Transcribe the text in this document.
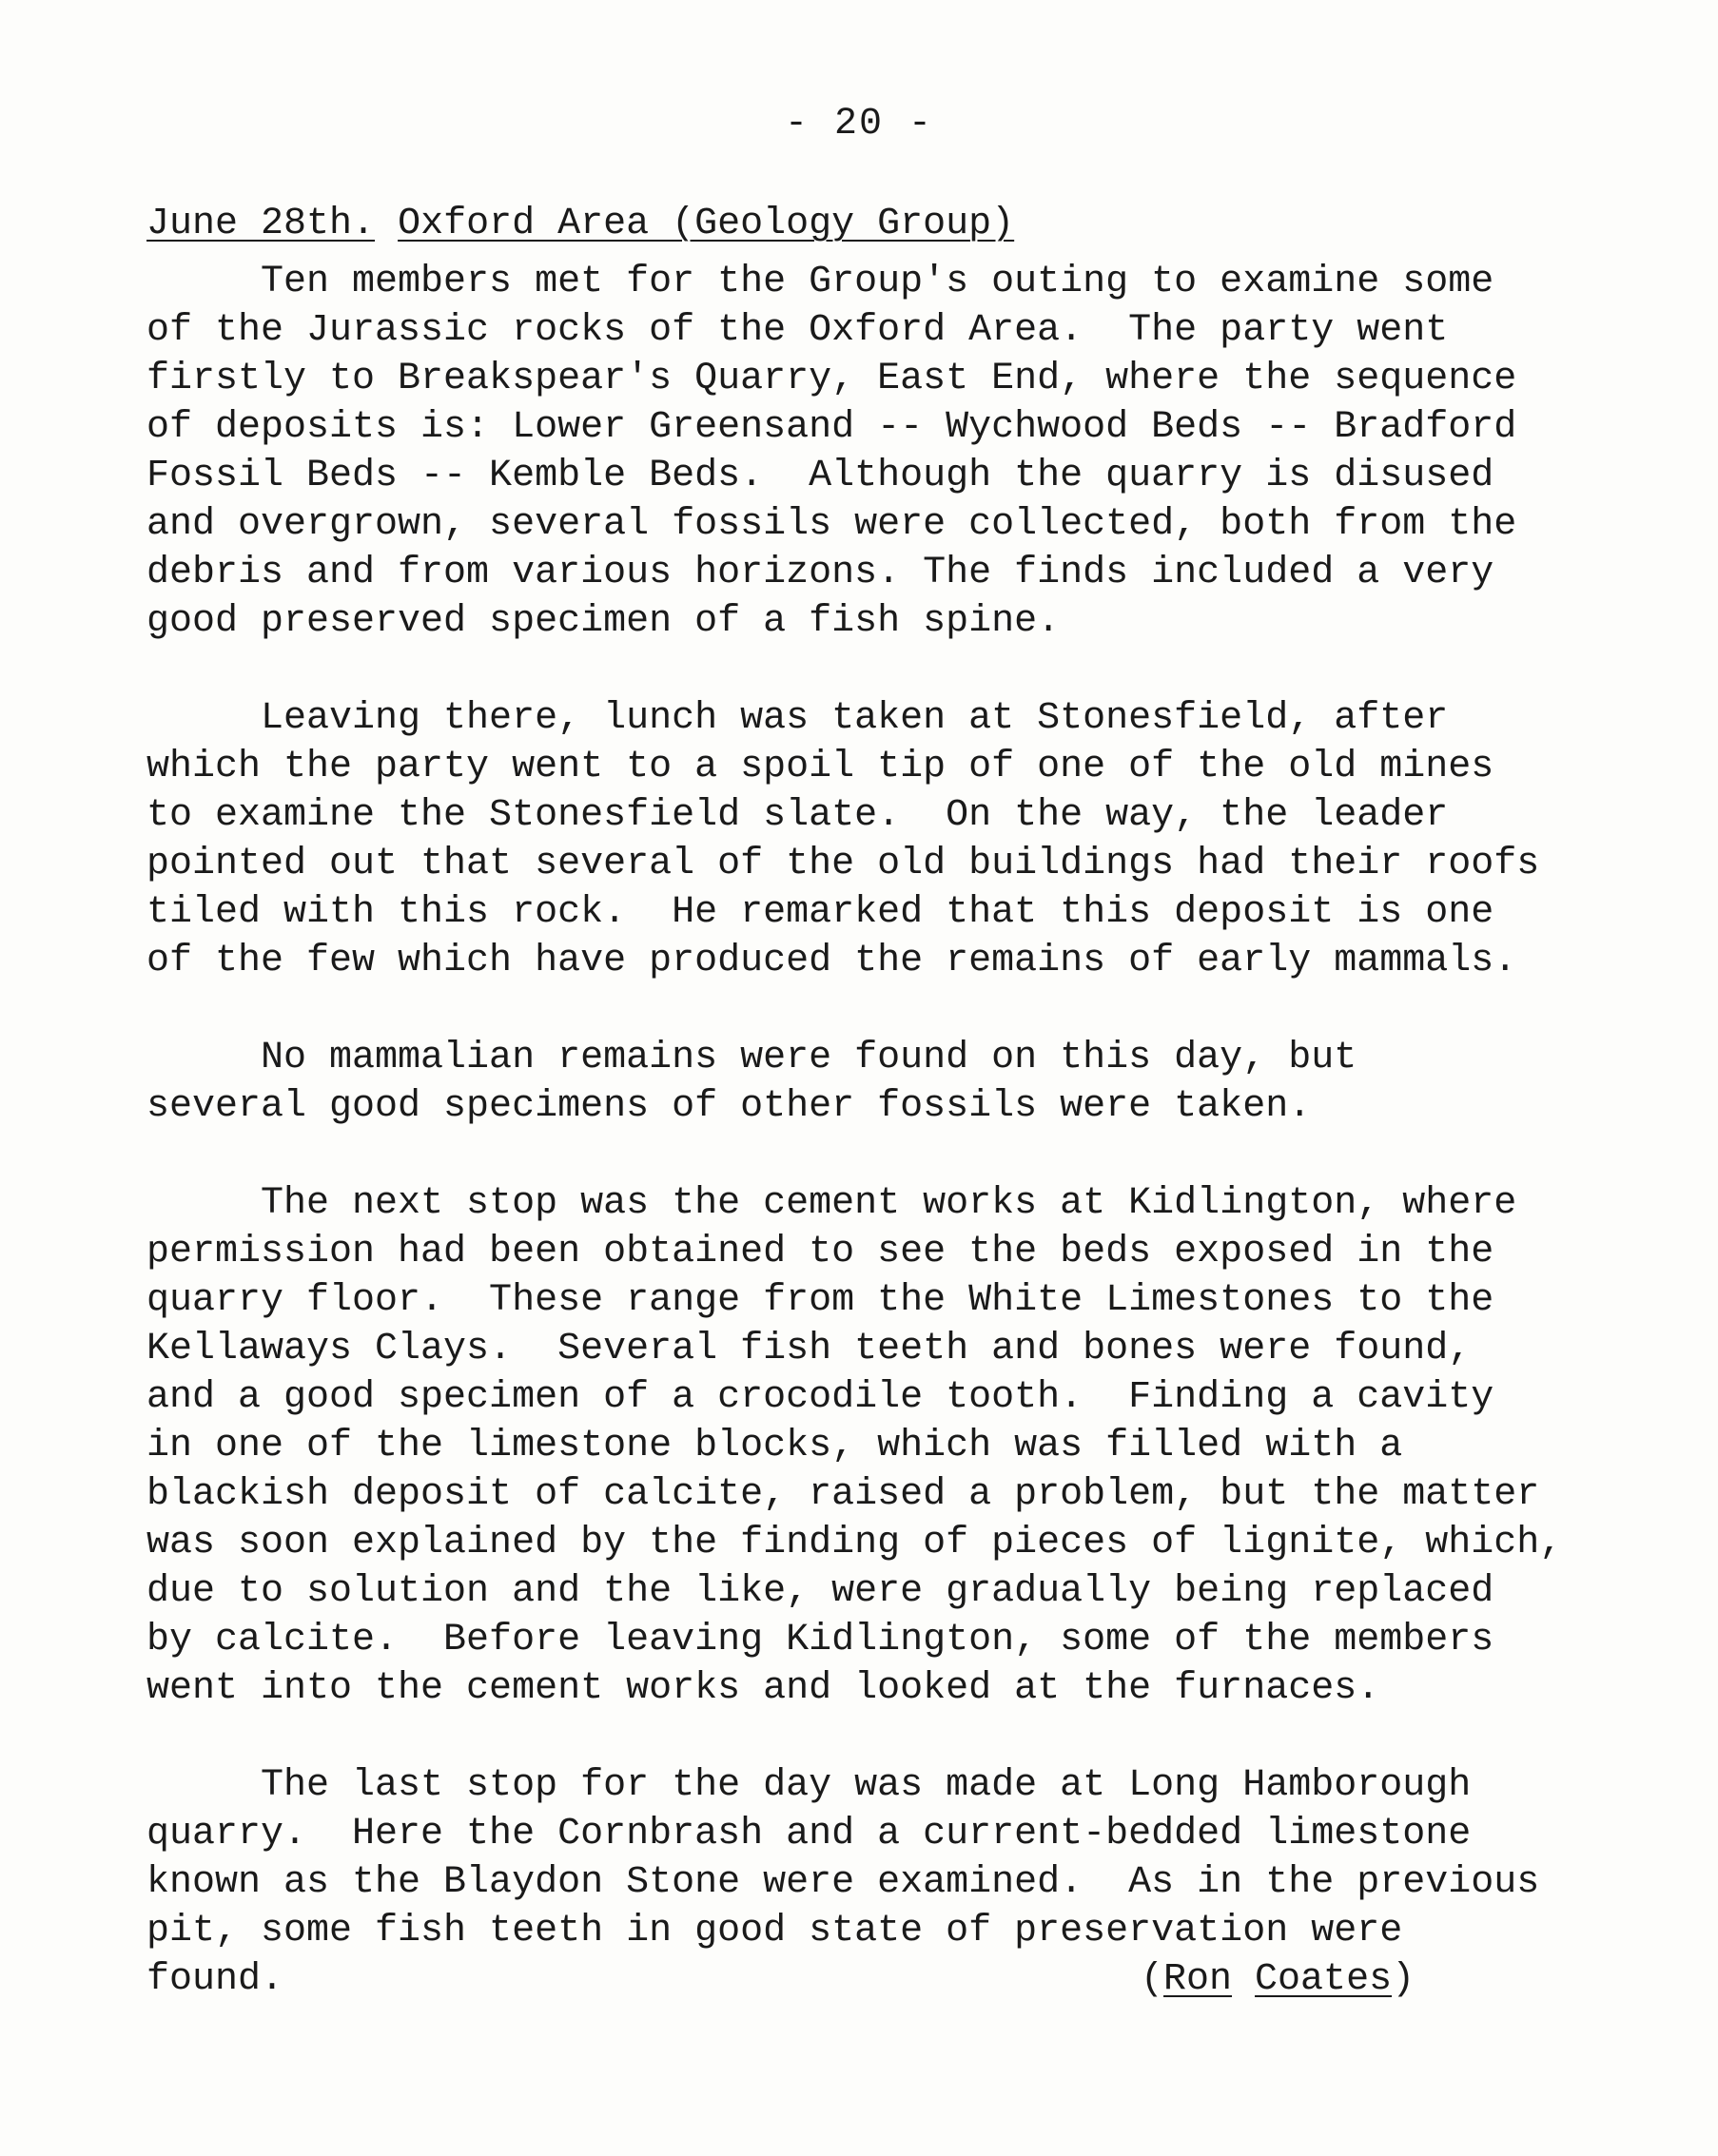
- 20 -
June 28th. Oxford Area (Geology Group)
Ten members met for the Group's outing to examine some
of the Jurassic rocks of the Oxford Area.  The party went
firstly to Breakspear's Quarry, East End, where the sequence
of deposits is: Lower Greensand -- Wychwood Beds -- Bradford
Fossil Beds -- Kemble Beds.  Although the quarry is disused
and overgrown, several fossils were collected, both from the
debris and from various horizons. The finds included a very
good preserved specimen of a fish spine.
Leaving there, lunch was taken at Stonesfield, after
which the party went to a spoil tip of one of the old mines
to examine the Stonesfield slate.  On the way, the leader
pointed out that several of the old buildings had their roofs
tiled with this rock.  He remarked that this deposit is one
of the few which have produced the remains of early mammals.
No mammalian remains were found on this day, but
several good specimens of other fossils were taken.
The next stop was the cement works at Kidlington, where
permission had been obtained to see the beds exposed in the
quarry floor.  These range from the White Limestones to the
Kellaways Clays.  Several fish teeth and bones were found,
and a good specimen of a crocodile tooth.  Finding a cavity
in one of the limestone blocks, which was filled with a
blackish deposit of calcite, raised a problem, but the matter
was soon explained by the finding of pieces of lignite, which,
due to solution and the like, were gradually being replaced
by calcite.  Before leaving Kidlington, some of the members
went into the cement works and looked at the furnaces.
The last stop for the day was made at Long Hamborough
quarry.  Here the Cornbrash and a current-bedded limestone
known as the Blaydon Stone were examined.  As in the previous
pit, some fish teeth in good state of preservation were
found.	(Ron Coates)
